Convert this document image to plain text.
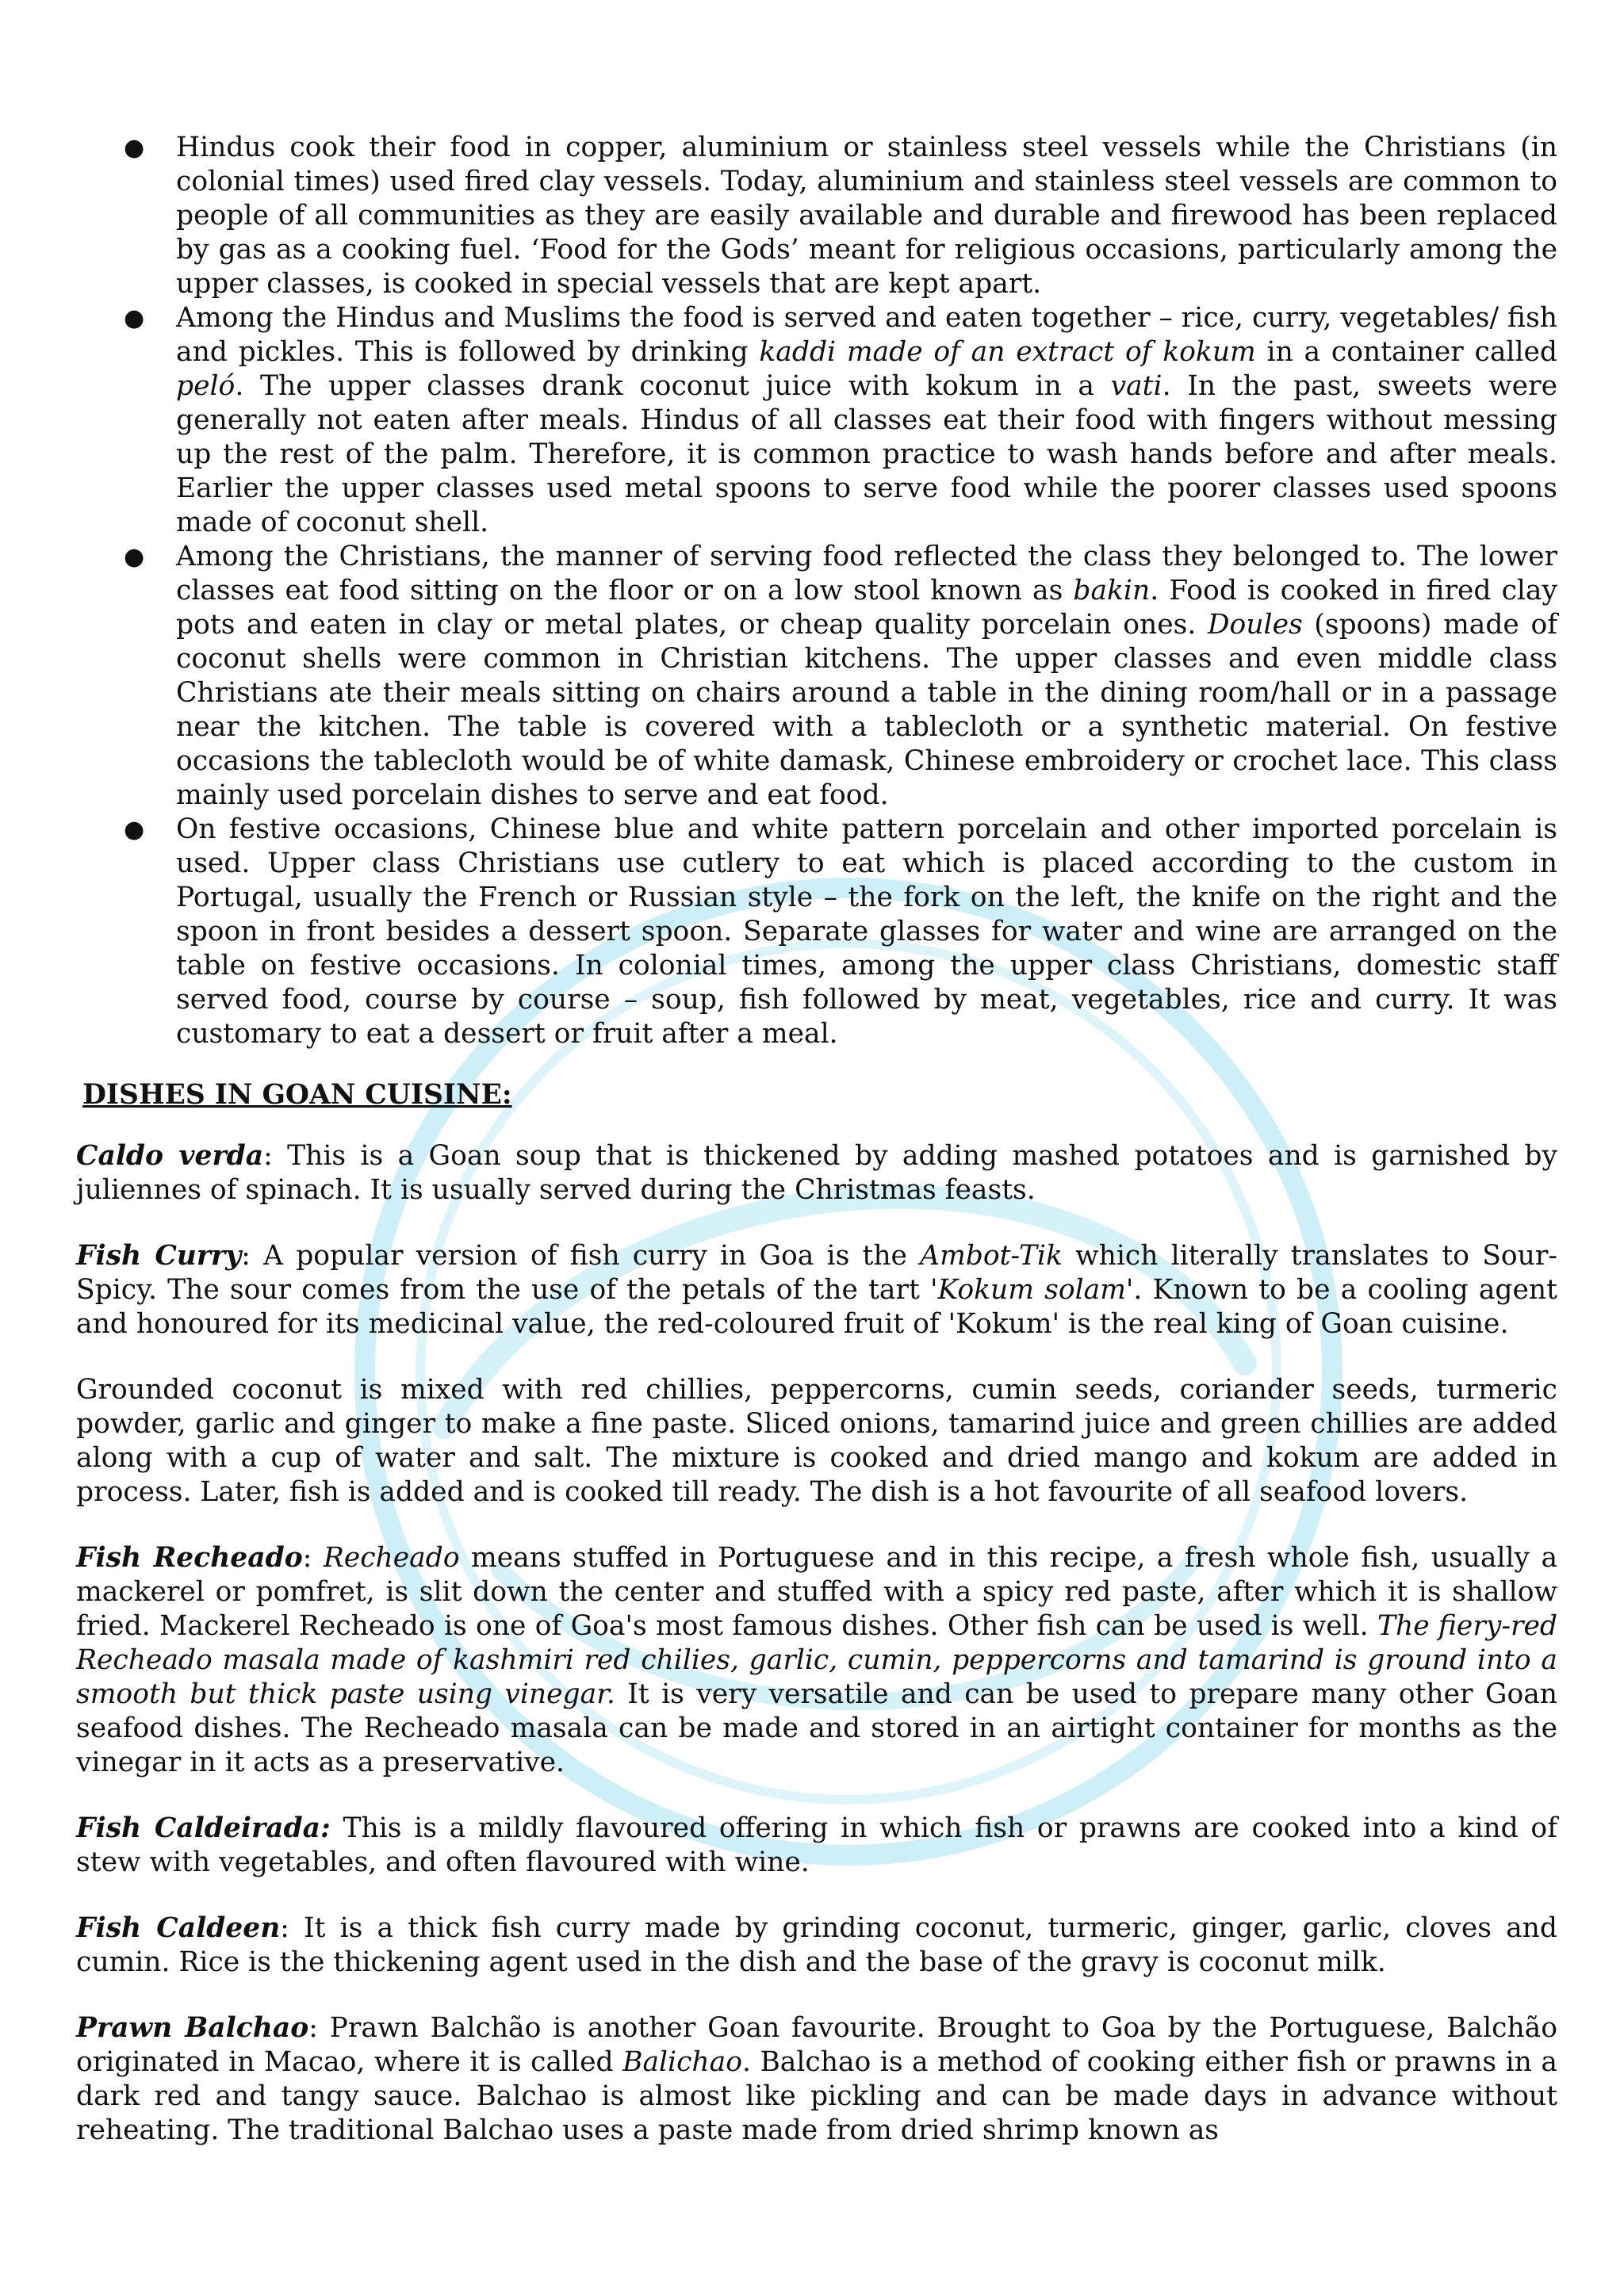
● Hindus cook their food in copper, aluminium or stainless steel vessels while the Christians (in colonial times) used fired clay vessels. Today, aluminium and stainless steel vessels are common to people of all communities as they are easily available and durable and firewood has been replaced by gas as a cooking fuel. ‘Food for the Gods’ meant for religious occasions, particularly among the upper classes, is cooked in special vessels that are kept apart.
● Among the Hindus and Muslims the food is served and eaten together – rice, curry, vegetables/ fish and pickles. This is followed by drinking kaddi made of an extract of kokum in a container called peló. The upper classes drank coconut juice with kokum in a vati. In the past, sweets were generally not eaten after meals. Hindus of all classes eat their food with fingers without messing up the rest of the palm. Therefore, it is common practice to wash hands before and after meals. Earlier the upper classes used metal spoons to serve food while the poorer classes used spoons made of coconut shell.
● Among the Christians, the manner of serving food reflected the class they belonged to. The lower classes eat food sitting on the floor or on a low stool known as bakin. Food is cooked in fired clay pots and eaten in clay or metal plates, or cheap quality porcelain ones. Doules (spoons) made of coconut shells were common in Christian kitchens. The upper classes and even middle class Christians ate their meals sitting on chairs around a table in the dining room/hall or in a passage near the kitchen. The table is covered with a tablecloth or a synthetic material. On festive occasions the tablecloth would be of white damask, Chinese embroidery or crochet lace. This class mainly used porcelain dishes to serve and eat food.
● On festive occasions, Chinese blue and white pattern porcelain and other imported porcelain is used. Upper class Christians use cutlery to eat which is placed according to the custom in Portugal, usually the French or Russian style – the fork on the left, the knife on the right and the spoon in front besides a dessert spoon. Separate glasses for water and wine are arranged on the table on festive occasions. In colonial times, among the upper class Christians, domestic staff served food, course by course – soup, fish followed by meat, vegetables, rice and curry. It was customary to eat a dessert or fruit after a meal.
DISHES IN GOAN CUISINE:

Caldo verda: This is a Goan soup that is thickened by adding mashed potatoes and is garnished by juliennes of spinach. It is usually served during the Christmas feasts.

Fish Curry: A popular version of fish curry in Goa is the Ambot-Tik which literally translates to Sour-Spicy. The sour comes from the use of the petals of the tart 'Kokum solam'. Known to be a cooling agent and honoured for its medicinal value, the red-coloured fruit of 'Kokum' is the real king of Goan cuisine.

Grounded coconut is mixed with red chillies, peppercorns, cumin seeds, coriander seeds, turmeric powder, garlic and ginger to make a fine paste. Sliced onions, tamarind juice and green chillies are added along with a cup of water and salt. The mixture is cooked and dried mango and kokum are added in process. Later, fish is added and is cooked till ready. The dish is a hot favourite of all seafood lovers.

Fish Recheado: Recheado means stuffed in Portuguese and in this recipe, a fresh whole fish, usually a mackerel or pomfret, is slit down the center and stuffed with a spicy red paste, after which it is shallow fried. Mackerel Recheado is one of Goa's most famous dishes. Other fish can be used is well. The fiery-red Recheado masala made of kashmiri red chilies, garlic, cumin, peppercorns and tamarind is ground into a smooth but thick paste using vinegar. It is very versatile and can be used to prepare many other Goan seafood dishes. The Recheado masala can be made and stored in an airtight container for months as the vinegar in it acts as a preservative.

Fish Caldeirada: This is a mildly flavoured offering in which fish or prawns are cooked into a kind of stew with vegetables, and often flavoured with wine.

Fish Caldeen: It is a thick fish curry made by grinding coconut, turmeric, ginger, garlic, cloves and cumin. Rice is the thickening agent used in the dish and the base of the gravy is coconut milk.

Prawn Balchao: Prawn Balchão is another Goan favourite. Brought to Goa by the Portuguese, Balchão originated in Macao, where it is called Balichao. Balchao is a method of cooking either fish or prawns in a dark red and tangy sauce. Balchao is almost like pickling and can be made days in advance without reheating. The traditional Balchao uses a paste made from dried shrimp known as
